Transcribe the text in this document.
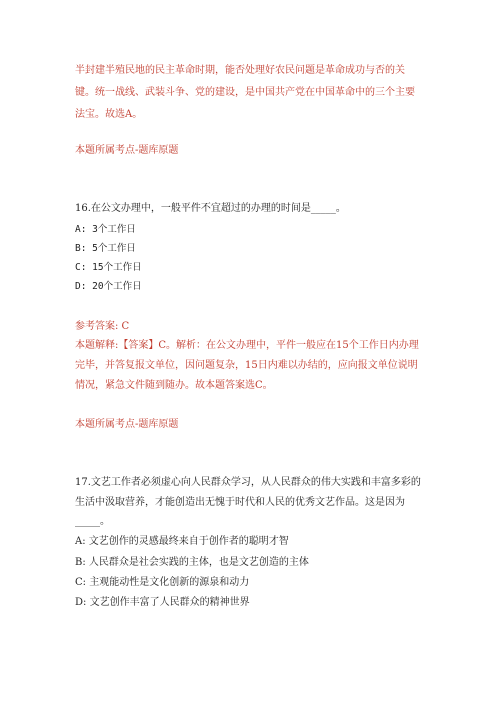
半封建半殖民地的民主革命时期，能否处理好农民问题是革命成功与否的关
键。统一战线、武装斗争、党的建设，是中国共产党在中国革命中的三个主要
法宝。故选A。
本题所属考点-题库原题
16.在公文办理中，一般平件不宜超过的办理的时间是_____。
A: 3个工作日
B: 5个工作日
C: 15个工作日
D: 20个工作日
参考答案: C
本题解释:【答案】C。解析：在公文办理中，平件一般应在15个工作日内办理
完毕，并答复报文单位，因问题复杂，15日内难以办结的，应向报文单位说明
情况，紧急文件随到随办。故本题答案选C。
本题所属考点-题库原题
17.文艺工作者必须虚心向人民群众学习，从人民群众的伟大实践和丰富多彩的
生活中汲取营养，才能创造出无愧于时代和人民的优秀文艺作品。这是因为
_____。
A: 文艺创作的灵感最终来自于创作者的聪明才智
B: 人民群众是社会实践的主体，也是文艺创造的主体
C: 主观能动性是文化创新的源泉和动力
D: 文艺创作丰富了人民群众的精神世界
